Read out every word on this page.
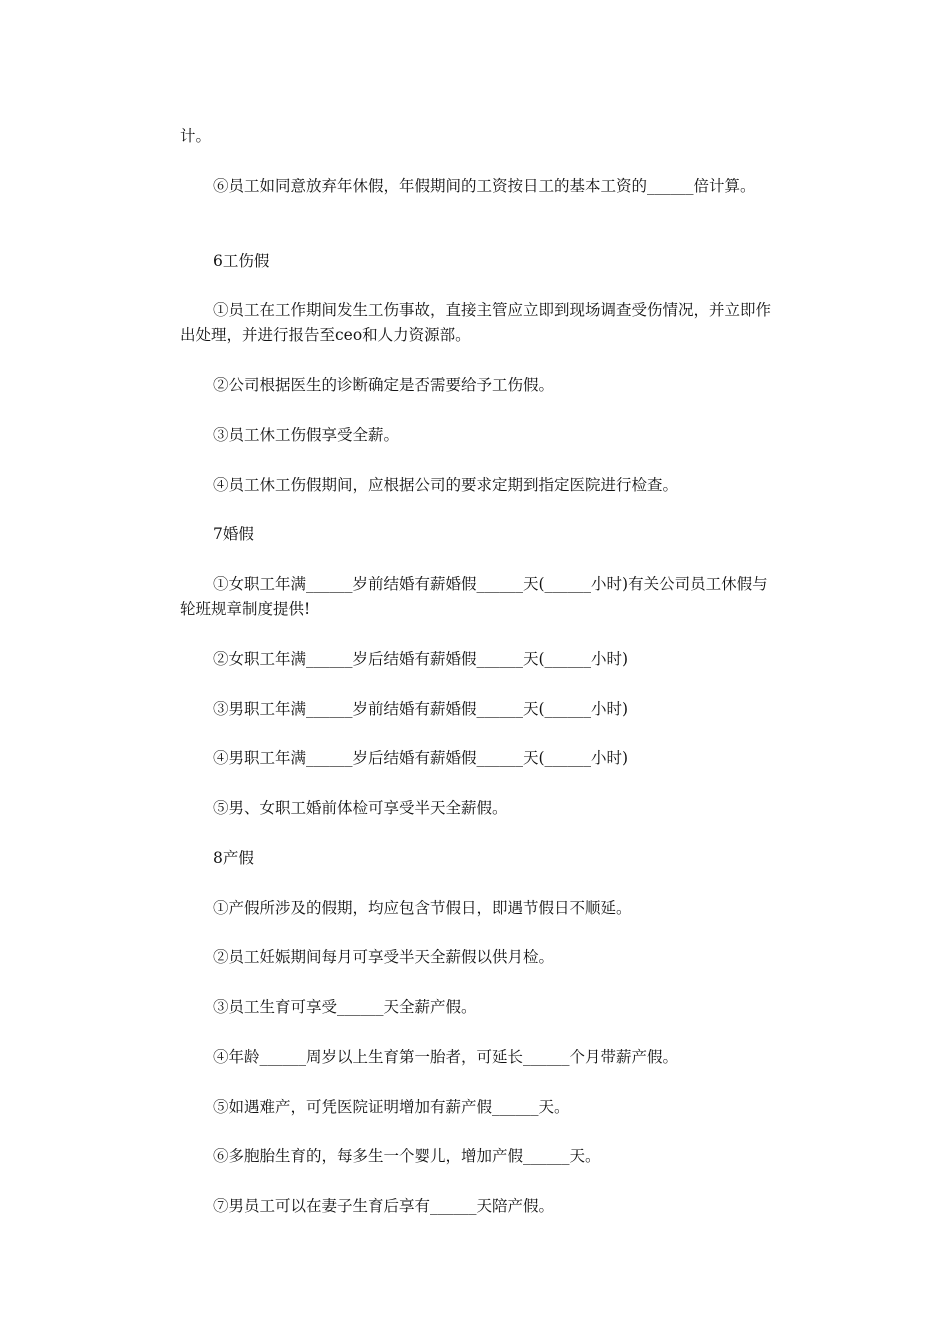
计。

⑥员工如同意放弃年休假，年假期间的工资按日工的基本工资的______倍计算。

6工伤假

①员工在工作期间发生工伤事故，直接主管应立即到现场调查受伤情况，并立即作出处理，并进行报告至ceo和人力资源部。

②公司根据医生的诊断确定是否需要给予工伤假。

③员工休工伤假享受全薪。

④员工休工伤假期间，应根据公司的要求定期到指定医院进行检查。

7婚假

①女职工年满______岁前结婚有薪婚假______天(______小时)有关公司员工休假与轮班规章制度提供!

②女职工年满______岁后结婚有薪婚假______天(______小时)

③男职工年满______岁前结婚有薪婚假______天(______小时)

④男职工年满______岁后结婚有薪婚假______天(______小时)

⑤男、女职工婚前体检可享受半天全薪假。

8产假

①产假所涉及的假期，均应包含节假日，即遇节假日不顺延。

②员工妊娠期间每月可享受半天全薪假以供月检。

③员工生育可享受______天全薪产假。

④年龄______周岁以上生育第一胎者，可延长______个月带薪产假。

⑤如遇难产，可凭医院证明增加有薪产假______天。

⑥多胞胎生育的，每多生一个婴儿，增加产假______天。

⑦男员工可以在妻子生育后享有______天陪产假。
